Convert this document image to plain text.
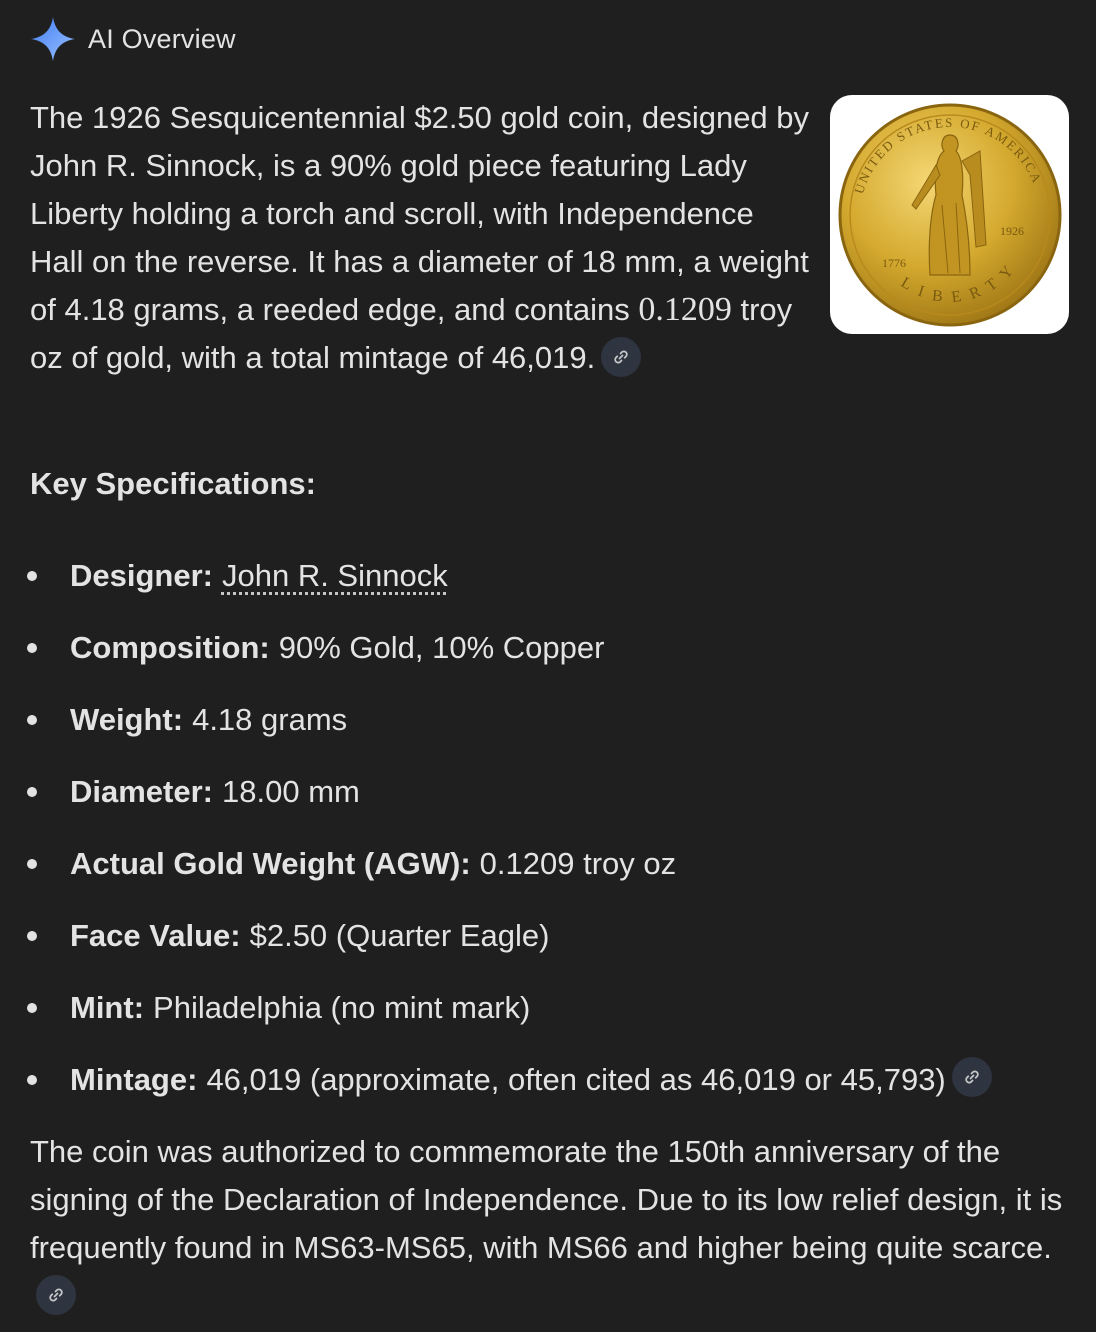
AI Overview
The 1926 Sesquicentennial $2.50 gold coin, designed by John R. Sinnock, is a 90% gold piece featuring Lady Liberty holding a torch and scroll, with Independence Hall on the reverse. It has a diameter of 18 mm, a weight of 4.18 grams, a reeded edge, and contains 0.1209 troy oz of gold, with a total mintage of 46,019.
UNITED STATES OF AMERICA
LIBERTY
1776
1926
Key Specifications:
Designer: John R. Sinnock
Composition: 90% Gold, 10% Copper
Weight: 4.18 grams
Diameter: 18.00 mm
Actual Gold Weight (AGW): 0.1209 troy oz
Face Value: $2.50 (Quarter Eagle)
Mint: Philadelphia (no mint mark)
Mintage: 46,019 (approximate, often cited as 46,019 or 45,793)
The coin was authorized to commemorate the 150th anniversary of the signing of the Declaration of Independence. Due to its low relief design, it is frequently found in MS63-MS65, with MS66 and higher being quite scarce.
